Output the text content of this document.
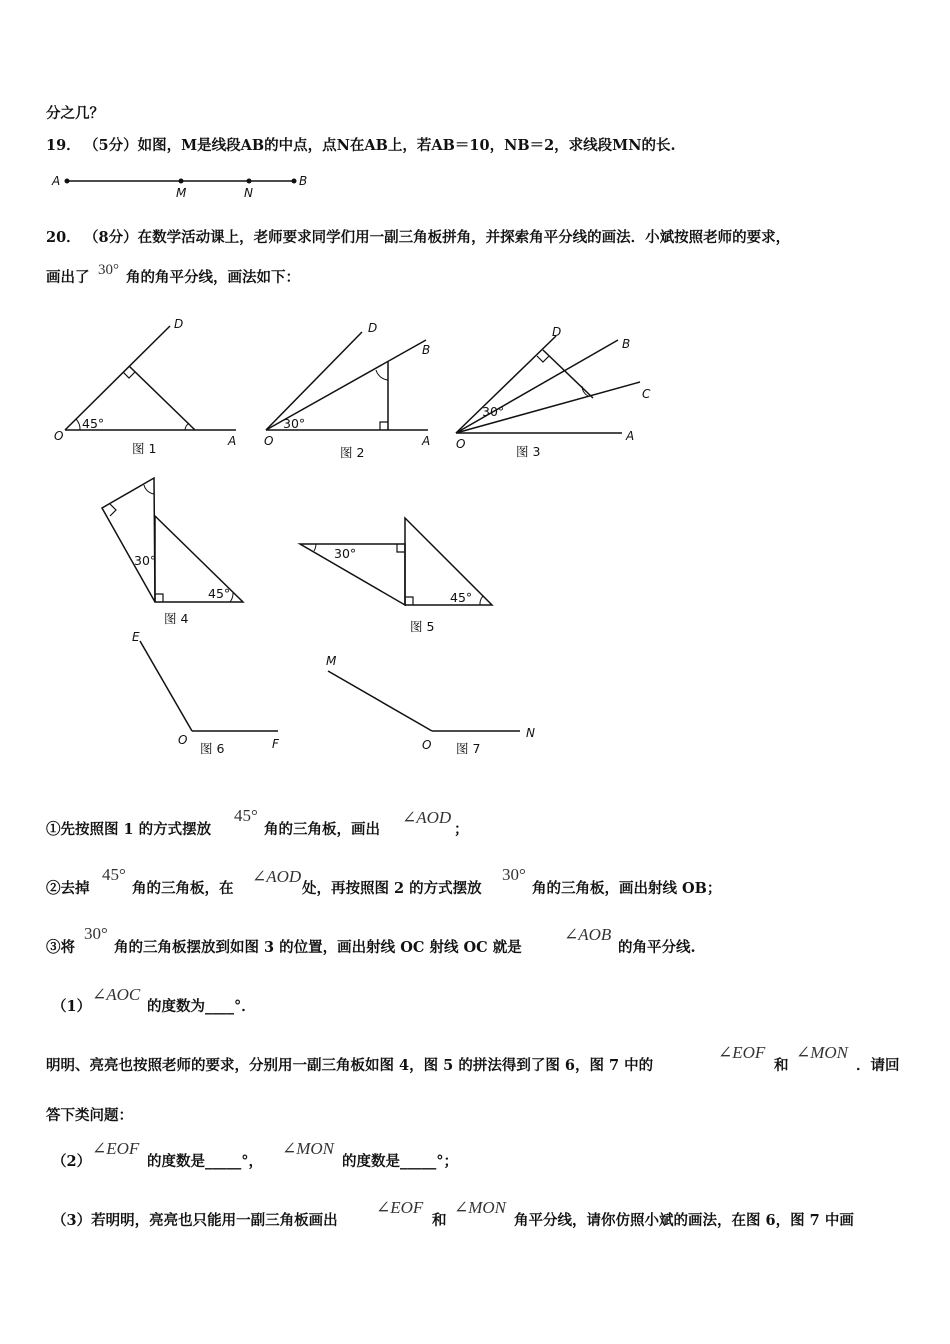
分之几？
19． （5分）如图，M是线段AB的中点，点N在AB上，若AB＝10，NB＝2，求线段MN的长.
A
M	N
B
20． （8分）在数学活动课上，老师要求同学们用一副三角板拼角，并探索角平分线的画法．小斌按照老师的要求，
画出了 30° 角的角平分线，画法如下：
45°
D
O	A
图 1
30°
D
B
O	A
图 2
30°
D
B
C
O
A
图 3
30°
45°
图 4
30°
45°
图 5
E
O	F
图 6
M
O
N
图 7
①先按照图 1 的方式摆放
45°
角的三角板，画出
∠AOD
；
②去掉
45°
角的三角板，在
∠AOD
处，再按照图 2 的方式摆放
30°
角的三角板，画出射线 OB；
③将
30°
角的三角板摆放到如图 3 的位置，画出射线 OC 射线 OC 就是
∠AOB
的角平分线.
（1）
∠AOC
的度数为____°．
明明、亮亮也按照老师的要求，分别用一副三角板如图 4，图 5 的拼法得到了图 6，图 7 中的
∠EOF
和
∠MON
．请回
答下类问题：
（2）
∠EOF
的度数是_____°，
∠MON
的度数是_____°；
（3）若明明，亮亮也只能用一副三角板画出
∠EOF
和
∠MON
角平分线，请你仿照小斌的画法，在图 6，图 7 中画
